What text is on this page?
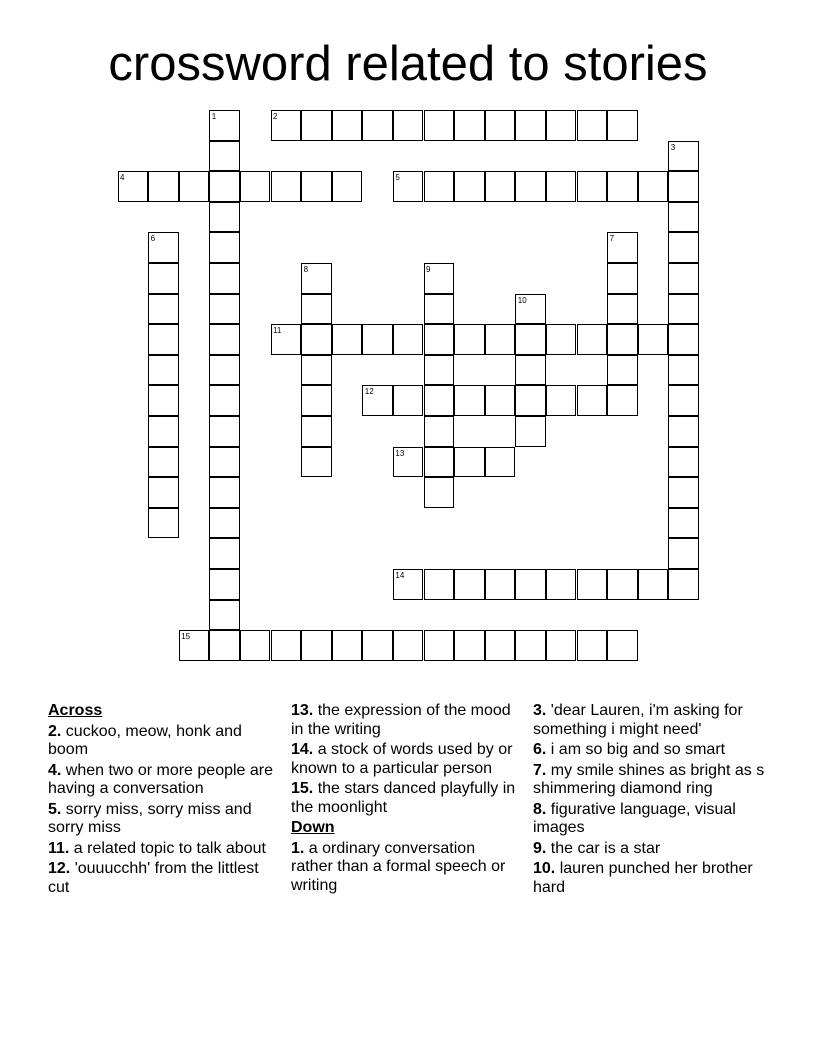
crossword related to stories
1	2
3
4	5
6	7
8	9
10
11
12
13
14
15
Across
2. cuckoo, meow, honk and boom
4. when two or more people are having a conversation
5. sorry miss, sorry miss and sorry miss
11. a related topic to talk about
12. 'ouuucchh' from the littlest cut
13. the expression of the mood in the writing
14. a stock of words used by or known to a particular person
15. the stars danced playfully in the moonlight
Down
1. a ordinary conversation rather than a formal speech or writing
3. 'dear Lauren, i'm asking for something i might need'
6. i am so big and so smart
7. my smile shines as bright as s shimmering diamond ring
8. figurative language, visual images
9. the car is a star
10. lauren punched her brother hard
